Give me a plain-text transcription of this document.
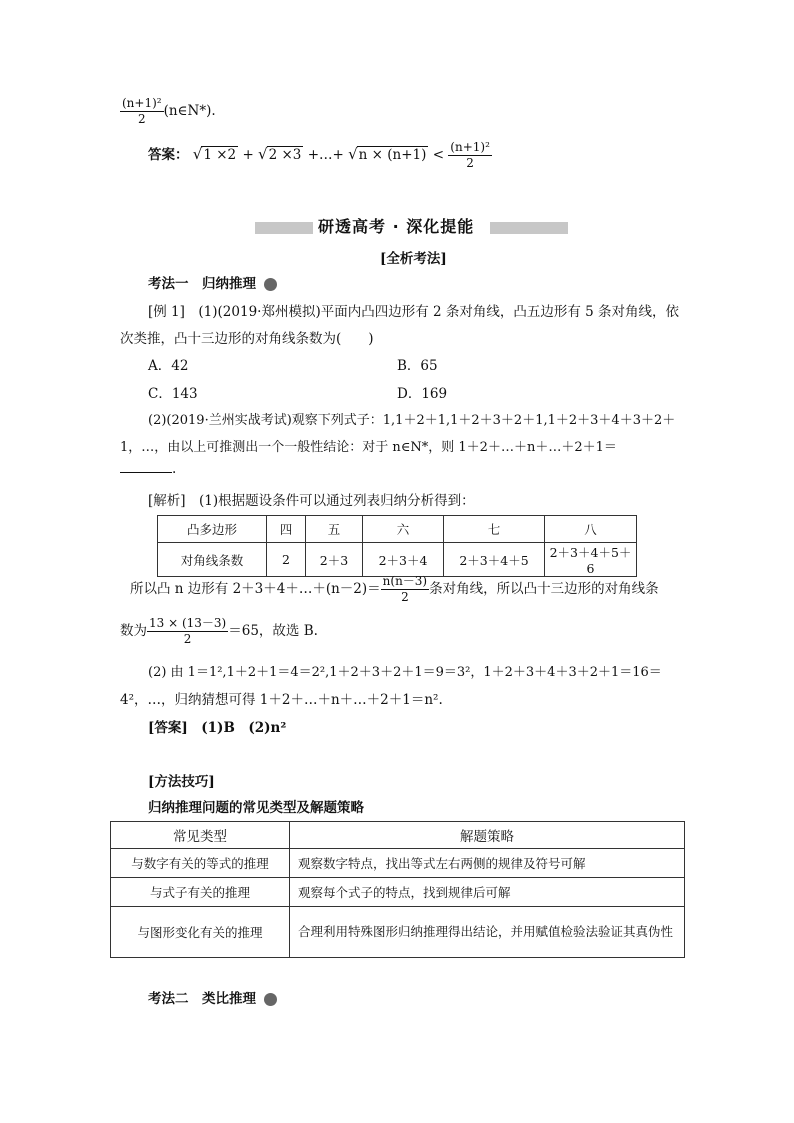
$\frac{\text{(n+1)²}}{2}$ (n∈N*).
答案： √1 ×2 + √2 ×3 +…+ $√n \times (n+1) < \frac{\text{(n+1)²}}{2}$
研透高考 · 深化提能
[全析考法]
考法一　归纳推理
[例 1]　(1)(2019·郑州模拟)平面内凸四边形有 2 条对角线，凸五边形有 5 条对角线，依
次类推，凸十三边形的对角线条数为(　　)
A．42	B．65
C．143	D．169
(2)(2019·兰州实战考试)观察下列式子：1,1＋2＋1,1＋2＋3＋2＋1,1＋2＋3＋4＋3＋2＋
1，…，由以上可推测出一个一般性结论：对于 n∈N*，则 1＋2＋…＋n＋…＋2＋1＝
.
[解析]　(1)根据题设条件可以通过列表归纳分析得到：
凸多边形	四	五	六	七	八
对角线条数	2	2＋3	2＋3＋4	2＋3＋4＋5	2＋3＋4＋5＋6
所以凸 n 边形有 2＋3＋4＋…＋(n－2)＝ $\frac{n(n-3)}{2}$ 条对角线，所以凸十三边形的对角线条
数为 $\frac{13 \times (13-3)}{2} =65$，故选 B.
(2) 由 1＝1²,1＋2＋1＝4＝2²,1＋2＋3＋2＋1＝9＝3²，1＋2＋3＋4＋3＋2＋1＝16＝
4²，…，归纳猜想可得 1＋2＋…＋n＋…＋2＋1＝n².
[答案]　(1)B　(2)n²
[方法技巧]
归纳推理问题的常见类型及解题策略
常见类型	解题策略
与数字有关的等式的推理	观察数字特点，找出等式左右两侧的规律及符号可解
与式子有关的推理	观察每个式子的特点，找到规律后可解
与图形变化有关的推理	合理利用特殊图形归纳推理得出结论，并用赋值检验法验证其真伪性
考法二　类比推理
